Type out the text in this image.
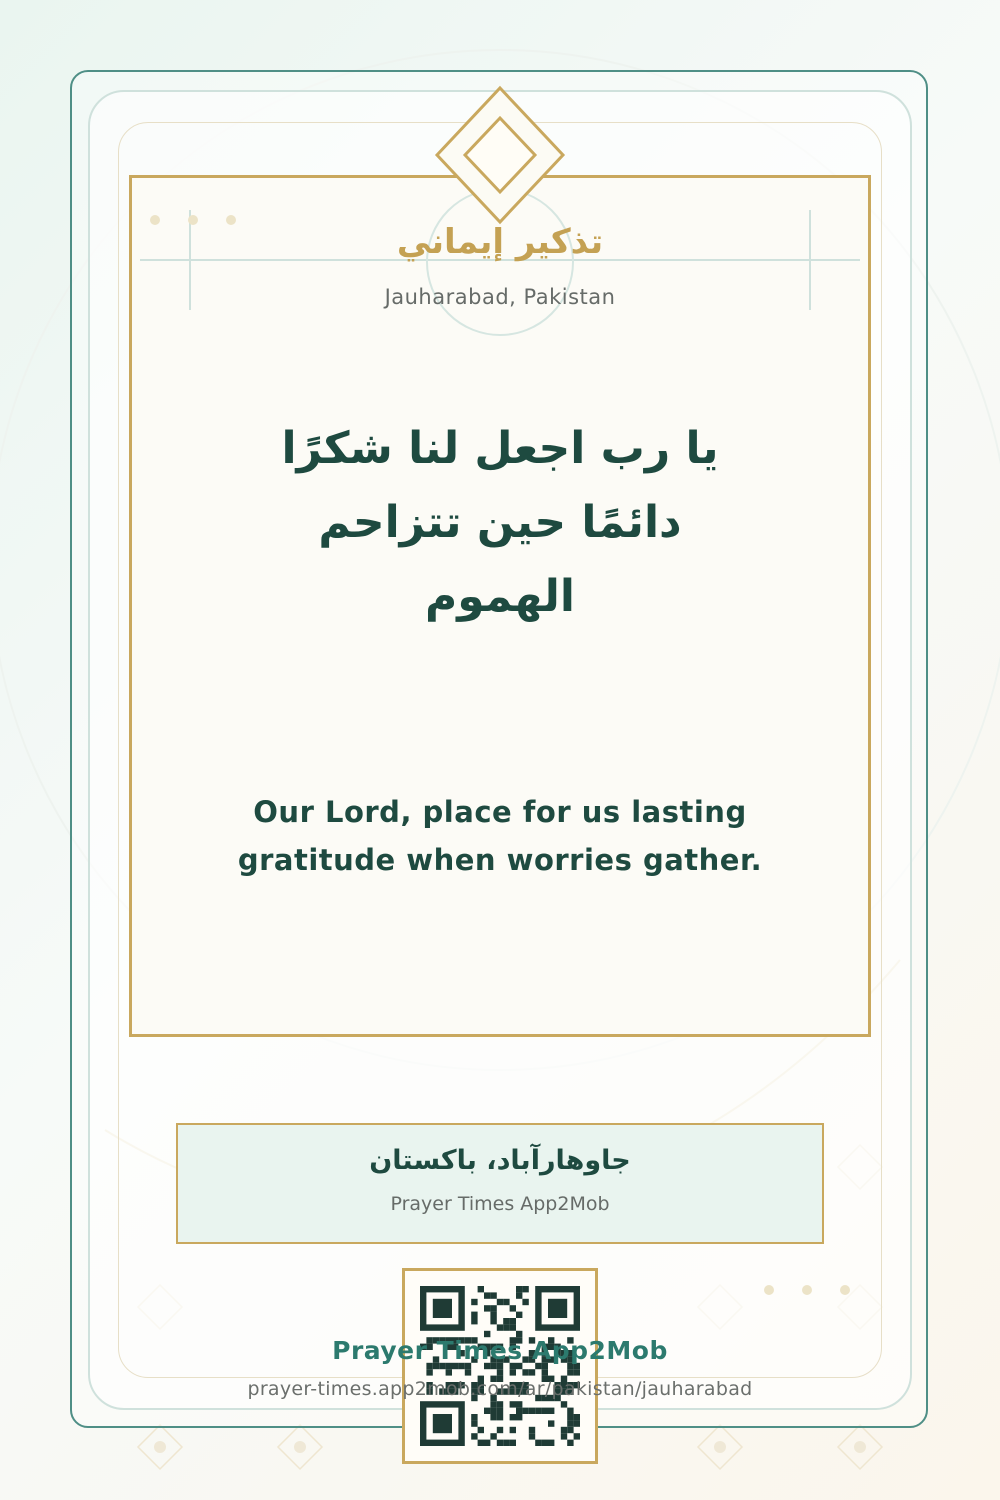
تذكير إيماني
Jauharabad, Pakistan
يا رب اجعل لنا شكرًا
دائمًا حين تتزاحم
الهموم
Our Lord, place for us lasting
gratitude when worries gather.
جاوهارآباد، باكستان
Prayer Times App2Mob
Prayer Times App2Mob
prayer-times.app2mob.com/ar/pakistan/jauharabad
